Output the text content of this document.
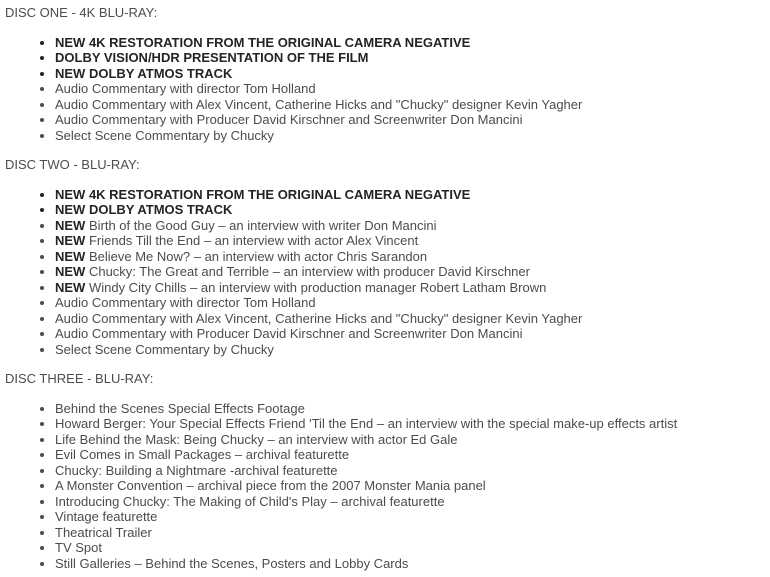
DISC ONE - 4K BLU-RAY:

• NEW 4K RESTORATION FROM THE ORIGINAL CAMERA NEGATIVE
• DOLBY VISION/HDR PRESENTATION OF THE FILM
• NEW DOLBY ATMOS TRACK
• Audio Commentary with director Tom Holland
• Audio Commentary with Alex Vincent, Catherine Hicks and "Chucky" designer Kevin Yagher
• Audio Commentary with Producer David Kirschner and Screenwriter Don Mancini
• Select Scene Commentary by Chucky

DISC TWO - BLU-RAY:

• NEW 4K RESTORATION FROM THE ORIGINAL CAMERA NEGATIVE
• NEW DOLBY ATMOS TRACK
• NEW Birth of the Good Guy – an interview with writer Don Mancini
• NEW Friends Till the End – an interview with actor Alex Vincent
• NEW Believe Me Now? – an interview with actor Chris Sarandon
• NEW Chucky: The Great and Terrible – an interview with producer David Kirschner
• NEW Windy City Chills – an interview with production manager Robert Latham Brown
• Audio Commentary with director Tom Holland
• Audio Commentary with Alex Vincent, Catherine Hicks and "Chucky" designer Kevin Yagher
• Audio Commentary with Producer David Kirschner and Screenwriter Don Mancini
• Select Scene Commentary by Chucky

DISC THREE - BLU-RAY:

• Behind the Scenes Special Effects Footage
• Howard Berger: Your Special Effects Friend 'Til the End – an interview with the special make-up effects artist
• Life Behind the Mask: Being Chucky – an interview with actor Ed Gale
• Evil Comes in Small Packages – archival featurette
• Chucky: Building a Nightmare -archival featurette
• A Monster Convention – archival piece from the 2007 Monster Mania panel
• Introducing Chucky: The Making of Child's Play – archival featurette
• Vintage featurette
• Theatrical Trailer
• TV Spot
• Still Galleries – Behind the Scenes, Posters and Lobby Cards
